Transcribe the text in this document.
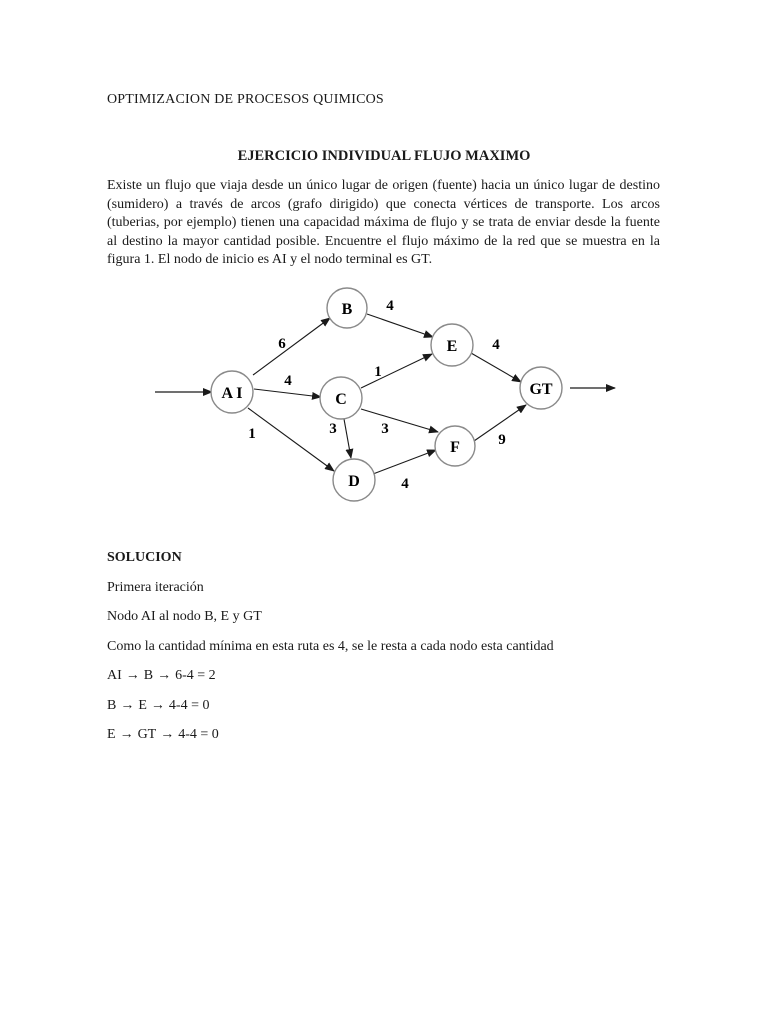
OPTIMIZACION DE PROCESOS QUIMICOS
EJERCICIO INDIVIDUAL FLUJO MAXIMO

Existe un flujo que viaja desde un único lugar de origen (fuente) hacia un único lugar de destino (sumidero) a través de arcos (grafo dirigido) que conecta vértices de transporte. Los arcos (tuberias, por ejemplo) tienen una capacidad máxima de flujo y se trata de enviar desde la fuente al destino la mayor cantidad posible. Encuentre el flujo máximo de la red que se muestra en la figura 1. El nodo de inicio es AI y el nodo terminal es GT.

A I
B
C
D
E
F
GT
6
4
1
4
1
3	3
4
4
9
SOLUCION
Primera iteración
Nodo AI al nodo B, E y GT
Como la cantidad mínima en esta ruta es 4, se le resta a cada nodo esta cantidad
AI → B → 6-4 = 2
B → E → 4-4 = 0
E → GT → 4-4 = 0
